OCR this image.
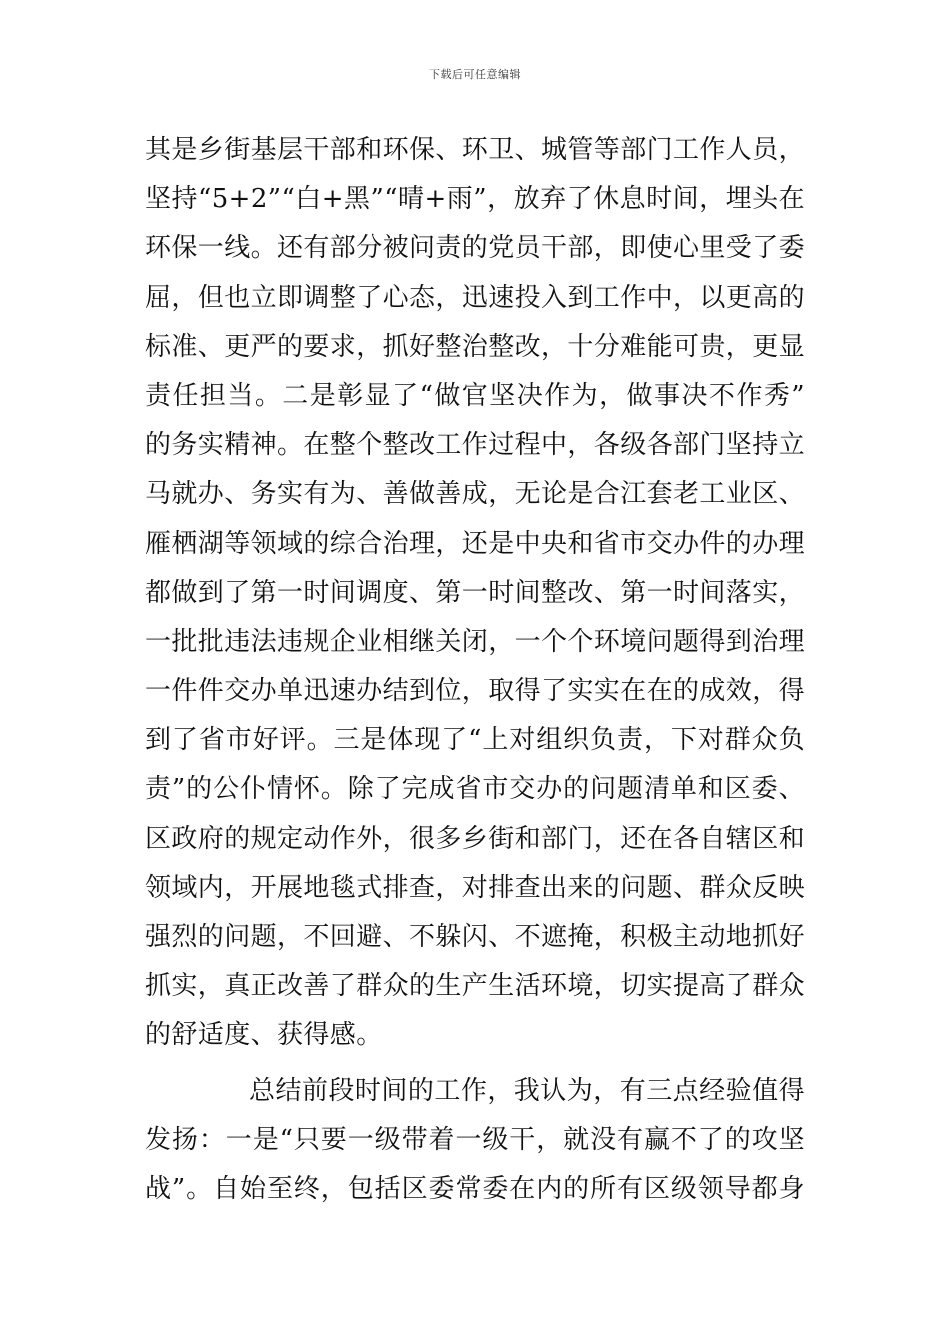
下载后可任意编辑
其是乡街基层干部和环保、环卫、城管等部门工作人员，
坚持“5+2”“白+黑”“晴+雨”，放弃了休息时间，埋头在
环保一线。还有部分被问责的党员干部，即使心里受了委
屈，但也立即调整了心态，迅速投入到工作中，以更高的
标准、更严的要求，抓好整治整改，十分难能可贵，更显
责任担当。二是彰显了“做官坚决作为，做事决不作秀”
的务实精神。在整个整改工作过程中，各级各部门坚持立
马就办、务实有为、善做善成，无论是合江套老工业区、
雁栖湖等领域的综合治理，还是中央和省市交办件的办理
都做到了第一时间调度、第一时间整改、第一时间落实，
一批批违法违规企业相继关闭，一个个环境问题得到治理
一件件交办单迅速办结到位，取得了实实在在的成效，得
到了省市好评。三是体现了“上对组织负责，下对群众负
责”的公仆情怀。除了完成省市交办的问题清单和区委、
区政府的规定动作外，很多乡街和部门，还在各自辖区和
领域内，开展地毯式排查，对排查出来的问题、群众反映
强烈的问题，不回避、不躲闪、不遮掩，积极主动地抓好
抓实，真正改善了群众的生产生活环境，切实提高了群众
的舒适度、获得感。
总结前段时间的工作，我认为，有三点经验值得
发扬：一是“只要一级带着一级干，就没有赢不了的攻坚
战”。自始至终，包括区委常委在内的所有区级领导都身
